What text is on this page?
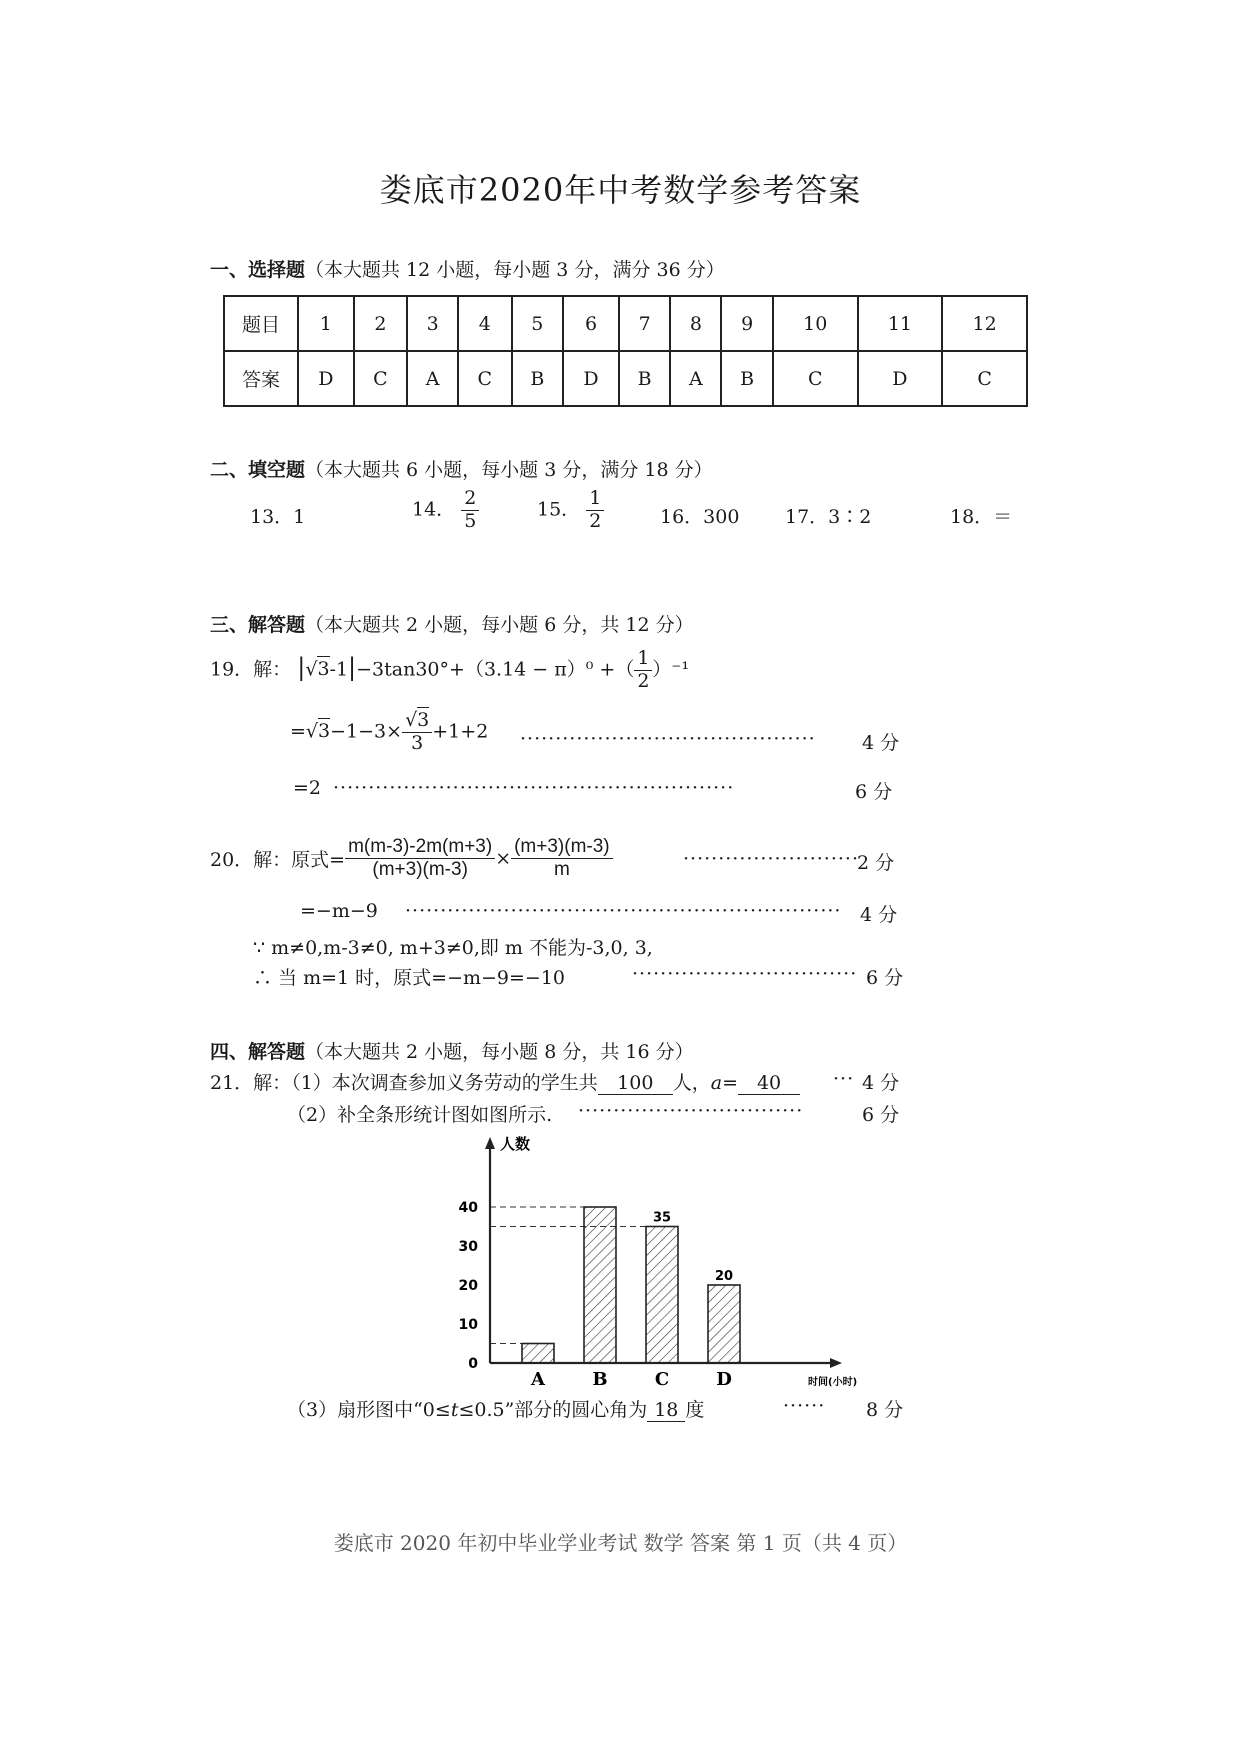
娄底市2020年中考数学参考答案
一、选择题（本大题共 12 小题，每小题 3 分，满分 36 分）
题目	1	2	3	4	5	6	7	8	9	10	11	12
答案	D	C	A	C	B	D	B	A	B	C	D	C
二、填空题（本大题共 6 小题，每小题 3 分，满分 18 分）
13．1	14． $\frac{2}{5}$	15． $\frac{1}{2}$	16．300 17．3∶2	18．＝
三、解答题（本大题共 2 小题，每小题 6 分，共 12 分）
19．解： |√3-1|−3tan30°+（3.14 − π）⁰ +（ $\frac{1}{2} )^{-1}$
$=√3-1-3\times \frac{√3}{3} +1+2$ ·········································· 4 分
=2 ·························································	6 分
20．解：原式= $\frac{m(m-3)-2m(m+3)}{(m+3)(m-3)} \times \frac{(m+3)(m-3)}{m}$	·························
2 分
=−m−9 ······························································ 4 分
∵ m≠0,m-3≠0, m+3≠0,即 m 不能为-3,0, 3,
∴ 当 m=1 时，原式=−m−9=−10	································ 6 分
四、解答题（本大题共 2 小题，每小题 8 分，共 16 分）
21．解：（1）本次调查参加义务劳动的学生共 100 人，a= 40	··· 4 分
（2）补全条形统计图如图所示. ································	6 分
人数
时间(小时)
0
10
20
30
40
A	B	C	D
35
20
（3）扇形图中“0≤t≤0.5”部分的圆心角为 18 度	······ 8 分
娄底市 2020 年初中毕业学业考试 数学 答案 第 1 页（共 4 页）
